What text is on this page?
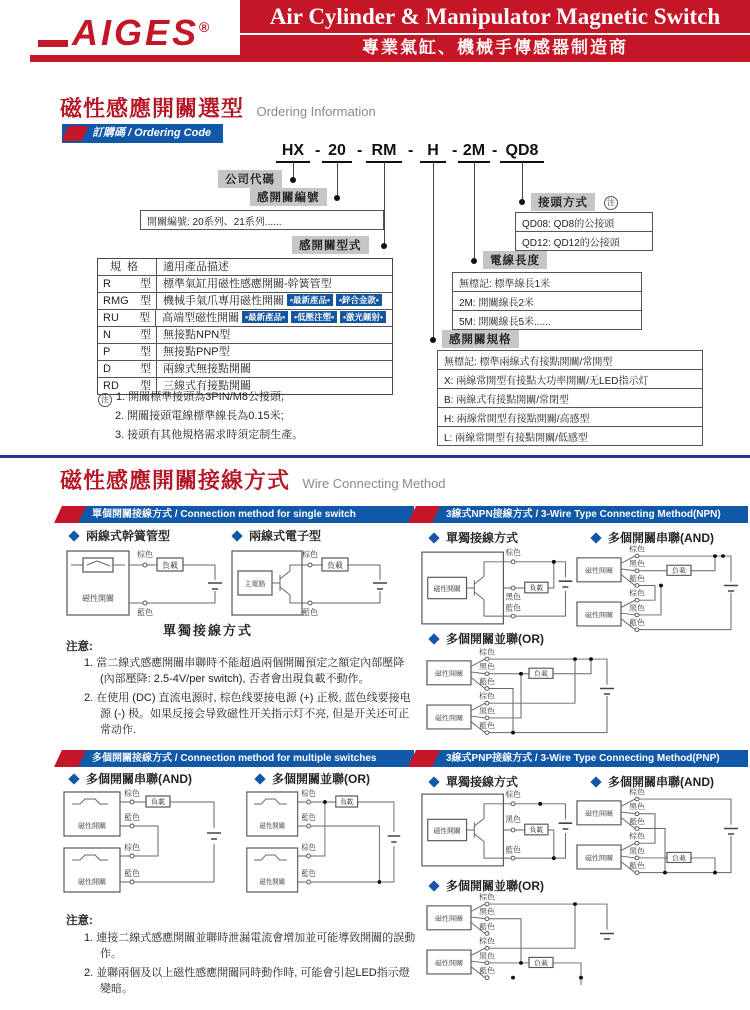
AIGES®	Air Cylinder & Manipulator Magnetic Switch
專業氣缸、機械手傳感器制造商
磁性感應開關選型 Ordering Information
訂購碼 / Ordering Code
HX - 20 - RM - H - 2M - QD8
公司代碼
感開關編號
開關編號: 20系列、21系列......
感開關型式
接頭方式	注
QD08: QD8的公接頭
QD12: QD12的公接頭
電線長度
無標記: 標準線長1米
2M: 開關線長2米
5M: 開關線長5米......
感開關規格
無標記: 標準兩線式有接點開關/常開型
X: 兩線常開型有接點大功率開關/无LED指示灯
B: 兩線式有接點開關/常閉型
H: 兩線常開型有接點開關/高感型
L: 兩線常開型有接點開關/低感型
規格	適用產品描述
R	型	標準氣缸用磁性感應開關-幹簧管型
RMG 型	機械手氣爪專用磁性開關 •最新產品• •鋅合金款•
RU 型	高端型磁性開關 •最新產品• •低壓注塑• •激光鐳射•
N	型	無接點NPN型
P	型	無接點PNP型
D	型	兩線式無接點開關
RD 型	三線式有接點開關
注 1. 開關標準接頭為3PIN/M8公接頭;
2. 開關接頭電線標準線長為0.15米;
3. 接頭有其他規格需求時須定制生產。
磁性感應開關接線方式 Wire Connecting Method
單個開關接線方式 / Connection method for single switch	3線式NPN接線方式 / 3-Wire Type Connecting Method(NPN)
兩線式幹簧管型	兩線式電子型
磁性開關
棕色
藍色
負載
主電路
棕色
藍色
負載
單獨接線方式
注意:
1. 當二線式感應開關串聯時不能超過兩個開關預定之額定內部壓降(內部壓降: 2.5-4V/per switch), 否者會出現負載不動作。
2. 在使用 (DC) 直流电源时, 棕色线要接电源 (+) 正极, 蓝色线要接电源 (-) 极。如果反接会导致磁性开关指示灯不亮, 但是开关还可正常动作.
單獨接線方式	多個開關串聯(AND)
磁性開關
棕色
黑色
藍色
負載
磁性開關
磁性開關
棕色
黑色
藍色
棕色
黑色
藍色
負載
多個開關並聯(OR)
磁性開關
磁性開關
棕色
黑色
藍色
棕色
黑色
藍色
負載
多個開關接線方式 / Connection method for multiple switches	3線式PNP接線方式 / 3-Wire Type Connecting Method(PNP)
多個開關串聯(AND)	多個開關並聯(OR)
磁性開關
磁性開關
棕色
藍色
棕色
藍色
負載
磁性開關
磁性開關
棕色
藍色
棕色
藍色
負載
注意:
1. 連接二線式感應開關並聯時泄漏電流會增加並可能導致開關的誤動作。
2. 並聯兩個及以上磁性感應開關同時動作時, 可能會引起LED指示燈變暗。
單獨接線方式	多個開關串聯(AND)
磁性開關
棕色
黑色
藍色
負載
磁性開關
磁性開關
棕色
黑色
藍色
棕色
黑色
藍色
負載
多個開關並聯(OR)
磁性開關
磁性開關
棕色
黑色
藍色
棕色
黑色
藍色
負載
